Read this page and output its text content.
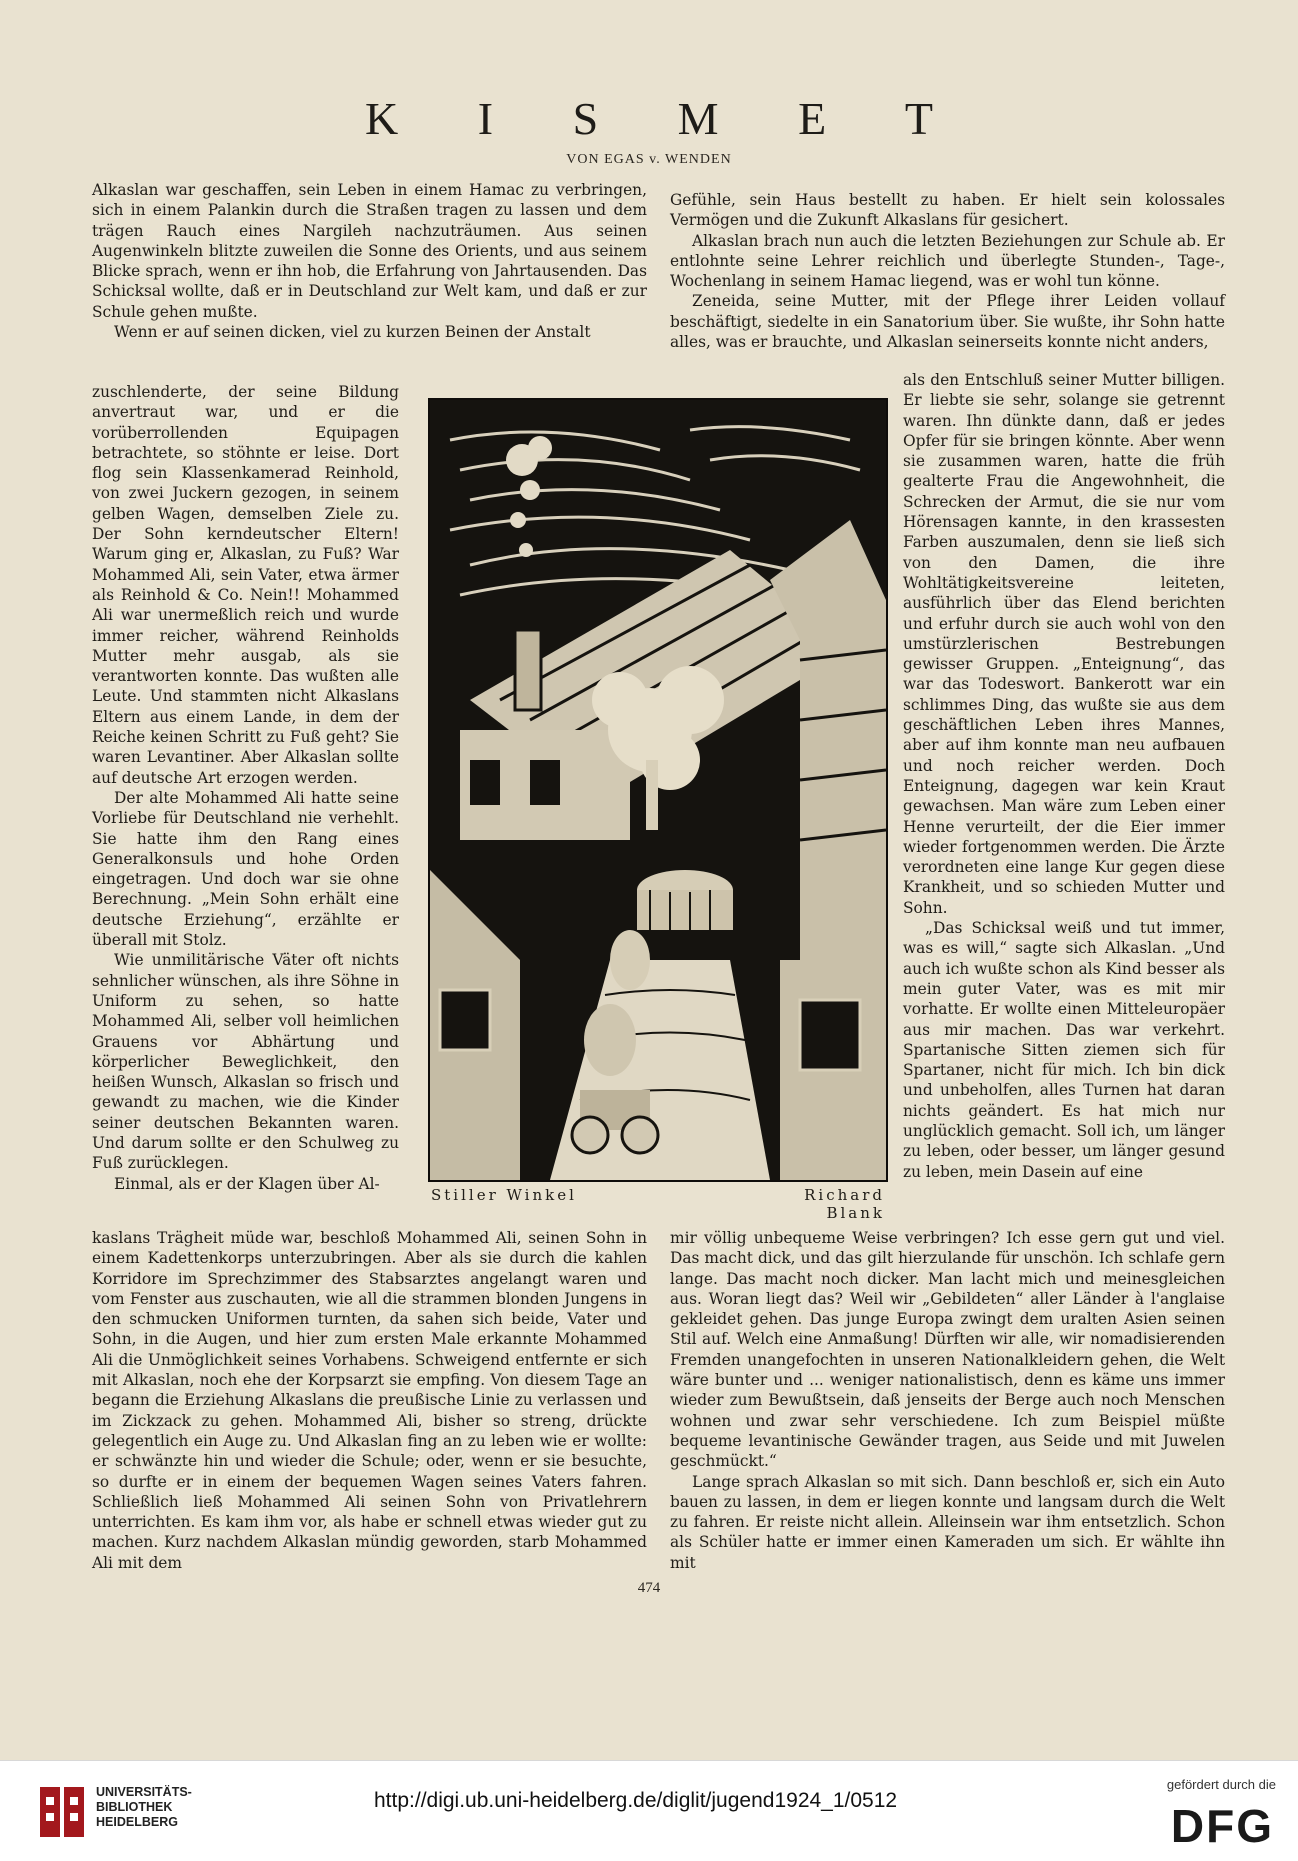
K I S M E T
VON EGAS v. WENDEN

Alkaslan war geschaffen, sein Leben in einem Hamac zu verbringen, sich in einem Palankin durch die Straßen tragen zu lassen und dem trägen Rauch eines Nargileh nachzuträumen. Aus seinen Augenwinkeln blitzte zuweilen die Sonne des Orients, und aus seinem Blicke sprach, wenn er ihn hob, die Erfahrung von Jahrtausenden. Das Schicksal wollte, daß er in Deutschland zur Welt kam, und daß er zur Schule gehen mußte.

Wenn er auf seinen dicken, viel zu kurzen Beinen der Anstalt

zuschlenderte, der seine Bildung anvertraut war, und er die vorüberrollenden Equipagen betrachtete, so stöhnte er leise. Dort flog sein Klassenkamerad Reinhold, von zwei Juckern gezogen, in seinem gelben Wagen, demselben Ziele zu. Der Sohn kerndeutscher Eltern! Warum ging er, Alkaslan, zu Fuß? War Mohammed Ali, sein Vater, etwa ärmer als Reinhold & Co. Nein!! Mohammed Ali war unermeßlich reich und wurde immer reicher, während Reinholds Mutter mehr ausgab, als sie verantworten konnte. Das wußten alle Leute. Und stammten nicht Alkaslans Eltern aus einem Lande, in dem der Reiche keinen Schritt zu Fuß geht? Sie waren Levantiner. Aber Alkaslan sollte auf deutsche Art erzogen werden.

Der alte Mohammed Ali hatte seine Vorliebe für Deutschland nie verhehlt. Sie hatte ihm den Rang eines Generalkonsuls und hohe Orden eingetragen. Und doch war sie ohne Berechnung. „Mein Sohn erhält eine deutsche Erziehung“, erzählte er überall mit Stolz.

Wie unmilitärische Väter oft nichts sehnlicher wünschen, als ihre Söhne in Uniform zu sehen, so hatte Mohammed Ali, selber voll heimlichen Grauens vor Abhärtung und körperlicher Beweglichkeit, den heißen Wunsch, Alkaslan so frisch und gewandt zu machen, wie die Kinder seiner deutschen Bekannten waren. Und darum sollte er den Schulweg zu Fuß zurücklegen.

Einmal, als er der Klagen über Al-

kaslans Trägheit müde war, beschloß Mohammed Ali, seinen Sohn in einem Kadettenkorps unterzubringen. Aber als sie durch die kahlen Korridore im Sprechzimmer des Stabsarztes angelangt waren und vom Fenster aus zuschauten, wie all die strammen blonden Jungens in den schmucken Uniformen turnten, da sahen sich beide, Vater und Sohn, in die Augen, und hier zum ersten Male erkannte Mohammed Ali die Unmöglichkeit seines Vorhabens. Schweigend entfernte er sich mit Alkaslan, noch ehe der Korpsarzt sie empfing. Von diesem Tage an begann die Erziehung Alkaslans die preußische Linie zu verlassen und im Zickzack zu gehen. Mohammed Ali, bisher so streng, drückte gelegentlich ein Auge zu. Und Alkaslan fing an zu leben wie er wollte: er schwänzte hin und wieder die Schule; oder, wenn er sie besuchte, so durfte er in einem der bequemen Wagen seines Vaters fahren. Schließlich ließ Mohammed Ali seinen Sohn von Privatlehrern unterrichten. Es kam ihm vor, als habe er schnell etwas wieder gut zu machen. Kurz nachdem Alkaslan mündig geworden, starb Mohammed Ali mit dem

Gefühle, sein Haus bestellt zu haben. Er hielt sein kolossales Vermögen und die Zukunft Alkaslans für gesichert.

Alkaslan brach nun auch die letzten Beziehungen zur Schule ab. Er entlohnte seine Lehrer reichlich und überlegte Stunden-, Tage-, Wochenlang in seinem Hamac liegend, was er wohl tun könne.

Zeneida, seine Mutter, mit der Pflege ihrer Leiden vollauf beschäftigt, siedelte in ein Sanatorium über. Sie wußte, ihr Sohn hatte alles, was er brauchte, und Alkaslan seinerseits konnte nicht anders,

als den Entschluß seiner Mutter billigen. Er liebte sie sehr, solange sie getrennt waren. Ihn dünkte dann, daß er jedes Opfer für sie bringen könnte. Aber wenn sie zusammen waren, hatte die früh gealterte Frau die Angewohnheit, die Schrecken der Armut, die sie nur vom Hörensagen kannte, in den krassesten Farben auszumalen, denn sie ließ sich von den Damen, die ihre Wohltätigkeitsvereine leiteten, ausführlich über das Elend berichten und erfuhr durch sie auch wohl von den umstürzlerischen Bestrebungen gewisser Gruppen. „Enteignung“, das war das Todeswort. Bankerott war ein schlimmes Ding, das wußte sie aus dem geschäftlichen Leben ihres Mannes, aber auf ihm konnte man neu aufbauen und noch reicher werden. Doch Enteignung, dagegen war kein Kraut gewachsen. Man wäre zum Leben einer Henne verurteilt, der die Eier immer wieder fortgenommen werden. Die Ärzte verordneten eine lange Kur gegen diese Krankheit, und so schieden Mutter und Sohn.

„Das Schicksal weiß und tut immer, was es will,“ sagte sich Alkaslan. „Und auch ich wußte schon als Kind besser als mein guter Vater, was es mit mir vorhatte. Er wollte einen Mitteleuropäer aus mir machen. Das war verkehrt. Spartanische Sitten ziemen sich für Spartaner, nicht für mich. Ich bin dick und unbeholfen, alles Turnen hat daran nichts geändert. Es hat mich nur unglücklich gemacht. Soll ich, um länger zu leben, oder besser, um länger gesund zu leben, mein Dasein auf eine

mir völlig unbequeme Weise verbringen? Ich esse gern gut und viel. Das macht dick, und das gilt hierzulande für unschön. Ich schlafe gern lange. Das macht noch dicker. Man lacht mich und meinesgleichen aus. Woran liegt das? Weil wir „Gebildeten“ aller Länder à l'anglaise gekleidet gehen. Das junge Europa zwingt dem uralten Asien seinen Stil auf. Welch eine Anmaßung! Dürften wir alle, wir nomadisierenden Fremden unangefochten in unseren Nationalkleidern gehen, die Welt wäre bunter und ... weniger nationalistisch, denn es käme uns immer wieder zum Bewußtsein, daß jenseits der Berge auch noch Menschen wohnen und zwar sehr verschiedene. Ich zum Beispiel müßte bequeme levantinische Gewänder tragen, aus Seide und mit Juwelen geschmückt.“

Lange sprach Alkaslan so mit sich. Dann beschloß er, sich ein Auto bauen zu lassen, in dem er liegen konnte und langsam durch die Welt zu fahren. Er reiste nicht allein. Alleinsein war ihm entsetzlich. Schon als Schüler hatte er immer einen Kameraden um sich. Er wählte ihn mit

Stiller Winkel	Richard Blank
474
UNIVERSITÄTS-
BIBLIOTHEK
HEIDELBERG
http://digi.ub.uni-heidelberg.de/diglit/jugend1924_1/0512
gefördert durch die
DFG
